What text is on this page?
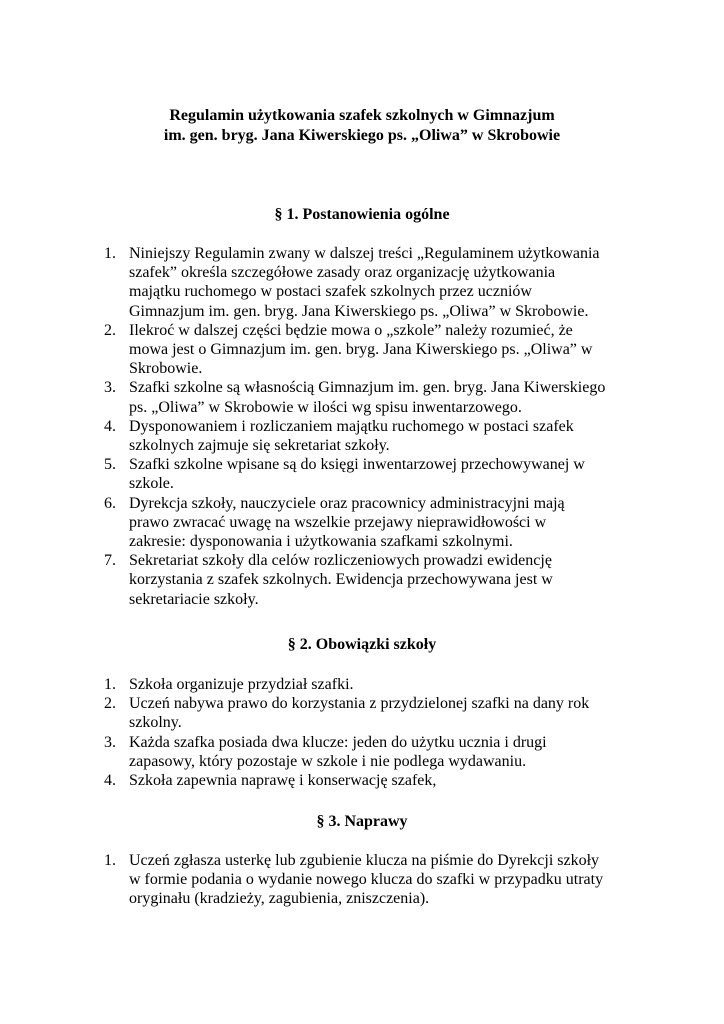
Regulamin użytkowania szafek szkolnych w Gimnazjum
im. gen. bryg. Jana Kiwerskiego ps. „Oliwa” w Skrobowie
§ 1. Postanowienia ogólne
1. Niniejszy Regulamin zwany w dalszej treści „Regulaminem użytkowania
szafek” określa szczegółowe zasady oraz organizację użytkowania
majątku ruchomego w postaci szafek szkolnych przez uczniów
Gimnazjum im. gen. bryg. Jana Kiwerskiego ps. „Oliwa” w Skrobowie.
2. Ilekroć w dalszej części będzie mowa o „szkole” należy rozumieć, że
mowa jest o Gimnazjum im. gen. bryg. Jana Kiwerskiego ps. „Oliwa” w
Skrobowie.
3. Szafki szkolne są własnością Gimnazjum im. gen. bryg. Jana Kiwerskiego
ps. „Oliwa” w Skrobowie w ilości wg spisu inwentarzowego.
4. Dysponowaniem i rozliczaniem majątku ruchomego w postaci szafek
szkolnych zajmuje się sekretariat szkoły.
5. Szafki szkolne wpisane są do księgi inwentarzowej przechowywanej w
szkole.
6. Dyrekcja szkoły, nauczyciele oraz pracownicy administracyjni mają
prawo zwracać uwagę na wszelkie przejawy nieprawidłowości w
zakresie: dysponowania i użytkowania szafkami szkolnymi.
7. Sekretariat szkoły dla celów rozliczeniowych prowadzi ewidencję
korzystania z szafek szkolnych. Ewidencja przechowywana jest w
sekretariacie szkoły.
§ 2. Obowiązki szkoły
1. Szkoła organizuje przydział szafki.
2. Uczeń nabywa prawo do korzystania z przydzielonej szafki na dany rok
szkolny.
3. Każda szafka posiada dwa klucze: jeden do użytku ucznia i drugi
zapasowy, który pozostaje w szkole i nie podlega wydawaniu.
4. Szkoła zapewnia naprawę i konserwację szafek,
§ 3. Naprawy
1. Uczeń zgłasza usterkę lub zgubienie klucza na piśmie do Dyrekcji szkoły
w formie podania o wydanie nowego klucza do szafki w przypadku utraty
oryginału (kradzieży, zagubienia, zniszczenia).
